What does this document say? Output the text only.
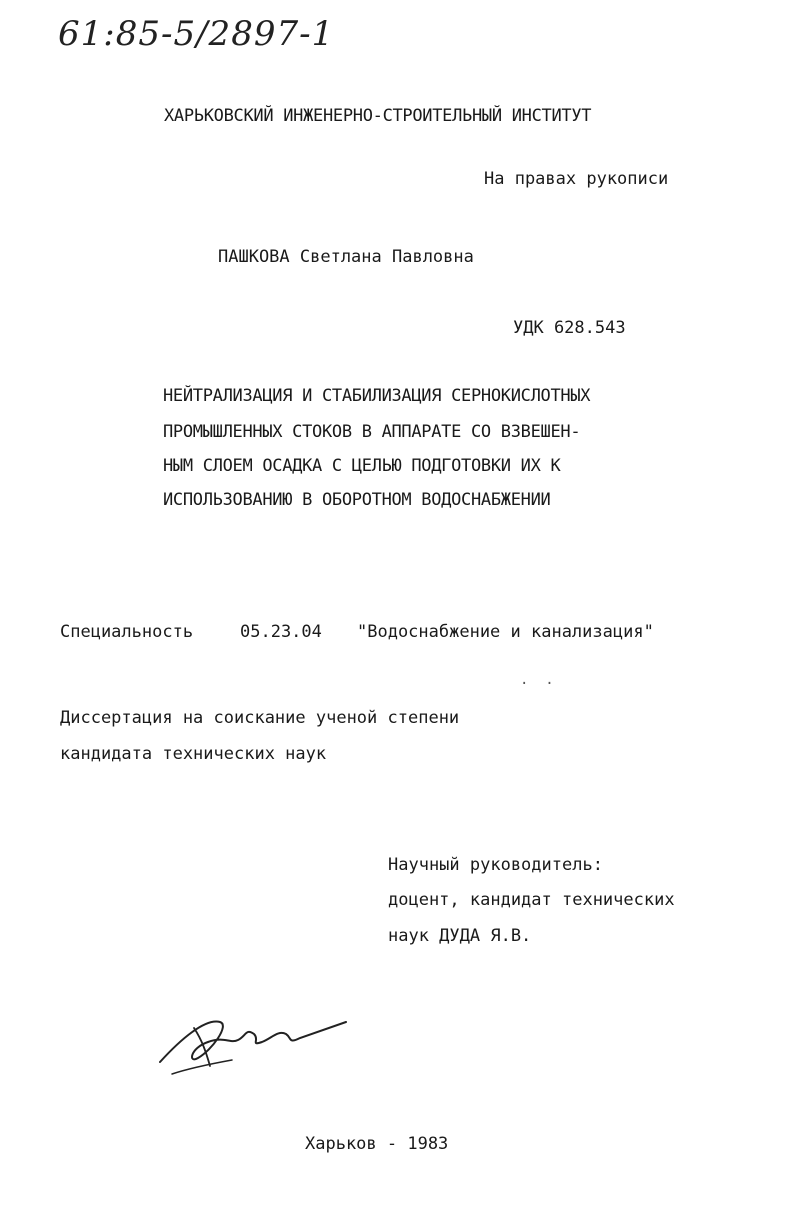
61:85-5/2897-1
ХАРЬКОВСКИЙ ИНЖЕНЕРНО-СТРОИТЕЛЬНЫЙ ИНСТИТУТ
На правах рукописи
ПАШКОВА Светлана Павловна
УДК 628.543
НЕЙТРАЛИЗАЦИЯ И СТАБИЛИЗАЦИЯ СЕРНОКИСЛОТНЫХ
ПРОМЫШЛЕННЫХ СТОКОВ В АППАРАТЕ СО ВЗВЕШЕН-
НЫМ СЛОЕМ ОСАДКА С ЦЕЛЬЮ ПОДГОТОВКИ ИХ К
ИСПОЛЬЗОВАНИЮ В ОБОРОТНОМ ВОДОСНАБЖЕНИИ
Специальность	05.23.04 "Водоснабжение и канализация"
·  ·
Диссертация на соискание ученой степени
кандидата технических наук
Научный руководитель:
доцент, кандидат технических
наук ДУДА Я.В.
Харьков - 1983
